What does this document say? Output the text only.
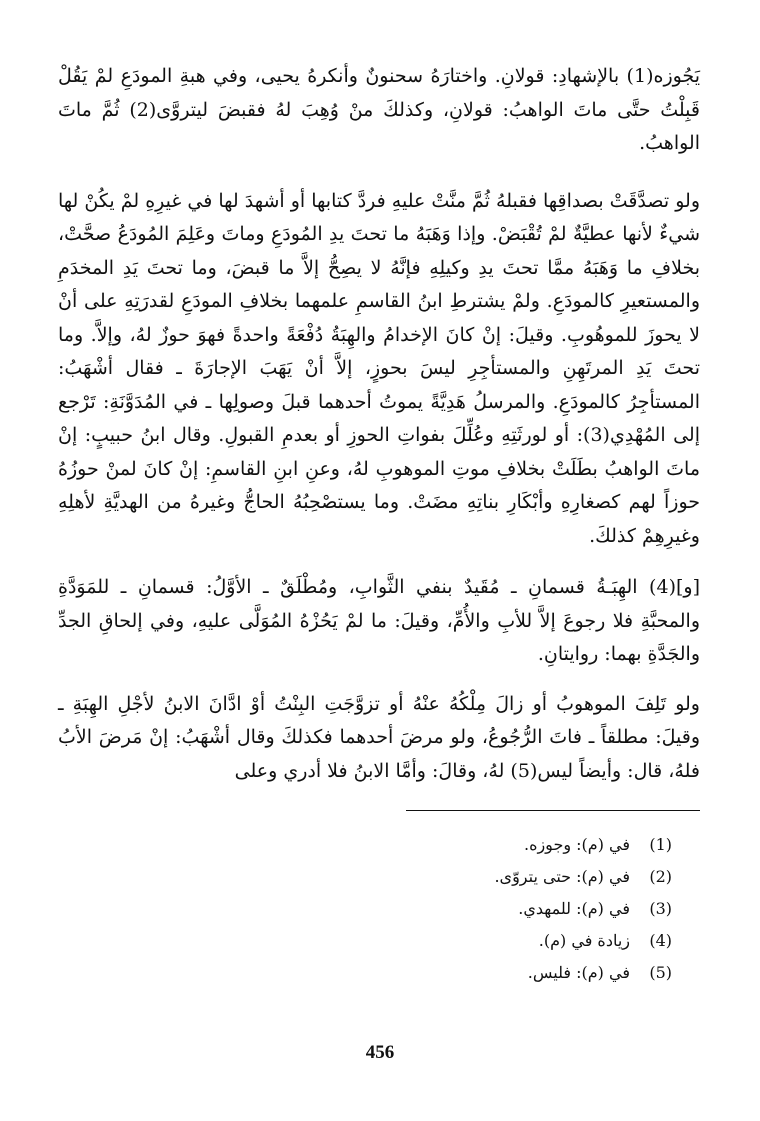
يَجُوزه(1) بالإشهادِ: قولانِ. واختارَهُ سحنونٌ وأنكرهُ يحيى، وفي هبةِ المودَعِ لمْ يَقُلْ قَبِلْتُ حتَّى ماتَ الواهبُ: قولانِ، وكذلكَ منْ وُهِبَ لهُ فقبضَ ليتروَّى(2) ثُمَّ ماتَ الواهبُ.

ولو تصدَّقَتْ بصداقِها فقبلهُ ثُمَّ منَّتْ عليهِ فردَّ كتابها أو أشهدَ لها في غيرِهِ لمْ يكُنْ لها شيءٌ لأنها عطيَّةٌ لمْ تُقْبَضْ. وإذا وَهَبَهُ ما تحتَ يدِ المُودَعِ وماتَ وعَلِمَ المُودَعُ صحَّتْ، بخلافِ ما وَهَبَهُ ممَّا تحتَ يدِ وكيلِهِ فإنَّهُ لا يصِحُّ إلاَّ ما قبضَ، وما تحتَ يَدِ المخدَمِ والمستعيرِ كالمودَعِ. ولمْ يشترطِ ابنُ القاسمِ علمهما بخلافِ المودَعِ لقدرَتِهِ على أنْ لا يحوزَ للموهُوبِ. وقيلَ: إنْ كانَ الإخدامُ والهِبَةُ دُفْعَةً واحدةً فهوَ حوزٌ لهُ، وإلاَّ. وما تحتَ يَدِ المرتَهِنِ والمستأجِرِ ليسَ بحوزٍ، إلاَّ أنْ يَهَبَ الإجارَةَ ـ فقال أشْهَبُ: المستأجِرُ كالمودَعِ. والمرسلُ هَدِيَّةً يموتُ أحدهما قبلَ وصولِها ـ في المُدَوَّنَةِ: تَرْجع إلى المُهْدِي(3): أو لورثَتِهِ وعُلِّلَ بفواتِ الحوزِ أو بعدمِ القبولِ. وقال ابنُ حبيبٍ: إنْ ماتَ الواهبُ بطَلَتْ بخلافِ موتِ الموهوبِ لهُ، وعنِ ابنِ القاسمِ: إنْ كانَ لمنْ حوزُهُ حوزاً لهم كصغارِهِ وأبْكَارِ بناتِهِ مضَتْ. وما يستصْحِبُهُ الحاجُّ وغيرهُ من الهديَّةِ لأهلِهِ وغيرِهِمْ كذلكَ.

[و](4) الهِبَـةُ قسمانِ ـ مُقَيدٌ بنفي الثَّوابِ، ومُطْلَقٌ ـ الأوَّلُ: قسمانِ ـ للمَوَدَّةِ والمحبَّةِ فلا رجوعَ إلاَّ للأبِ والأُمِّ، وقيلَ: ما لمْ يَحُزْهُ المُوَلَّى عليهِ، وفي إلحاقِ الجدِّ والجَدَّةِ بهما: روايتانِ.

ولو تَلِفَ الموهوبُ أو زالَ مِلْكُهُ عنْهُ أو تزوَّجَتِ البِنْتُ أوْ ادَّانَ الابنُ لأجْلِ الهِبَةِ ـ وقيلَ: مطلقاً ـ فاتَ الرُّجُوعُ، ولو مرضَ أحدهما فكذلكَ وقال أشْهَبُ: إنْ مَرضَ الأبُ فلهُ، قال: وأيضاً ليس(5) لهُ، وقالَ: وأمَّا الابنُ فلا أدري وعلى

(1)
في (م): وجوزه.
(2)
في (م): حتى يتروّى.
(3)
في (م): للمهدي.
(4)
زيادة في (م).
(5)
في (م): فليس.
456
